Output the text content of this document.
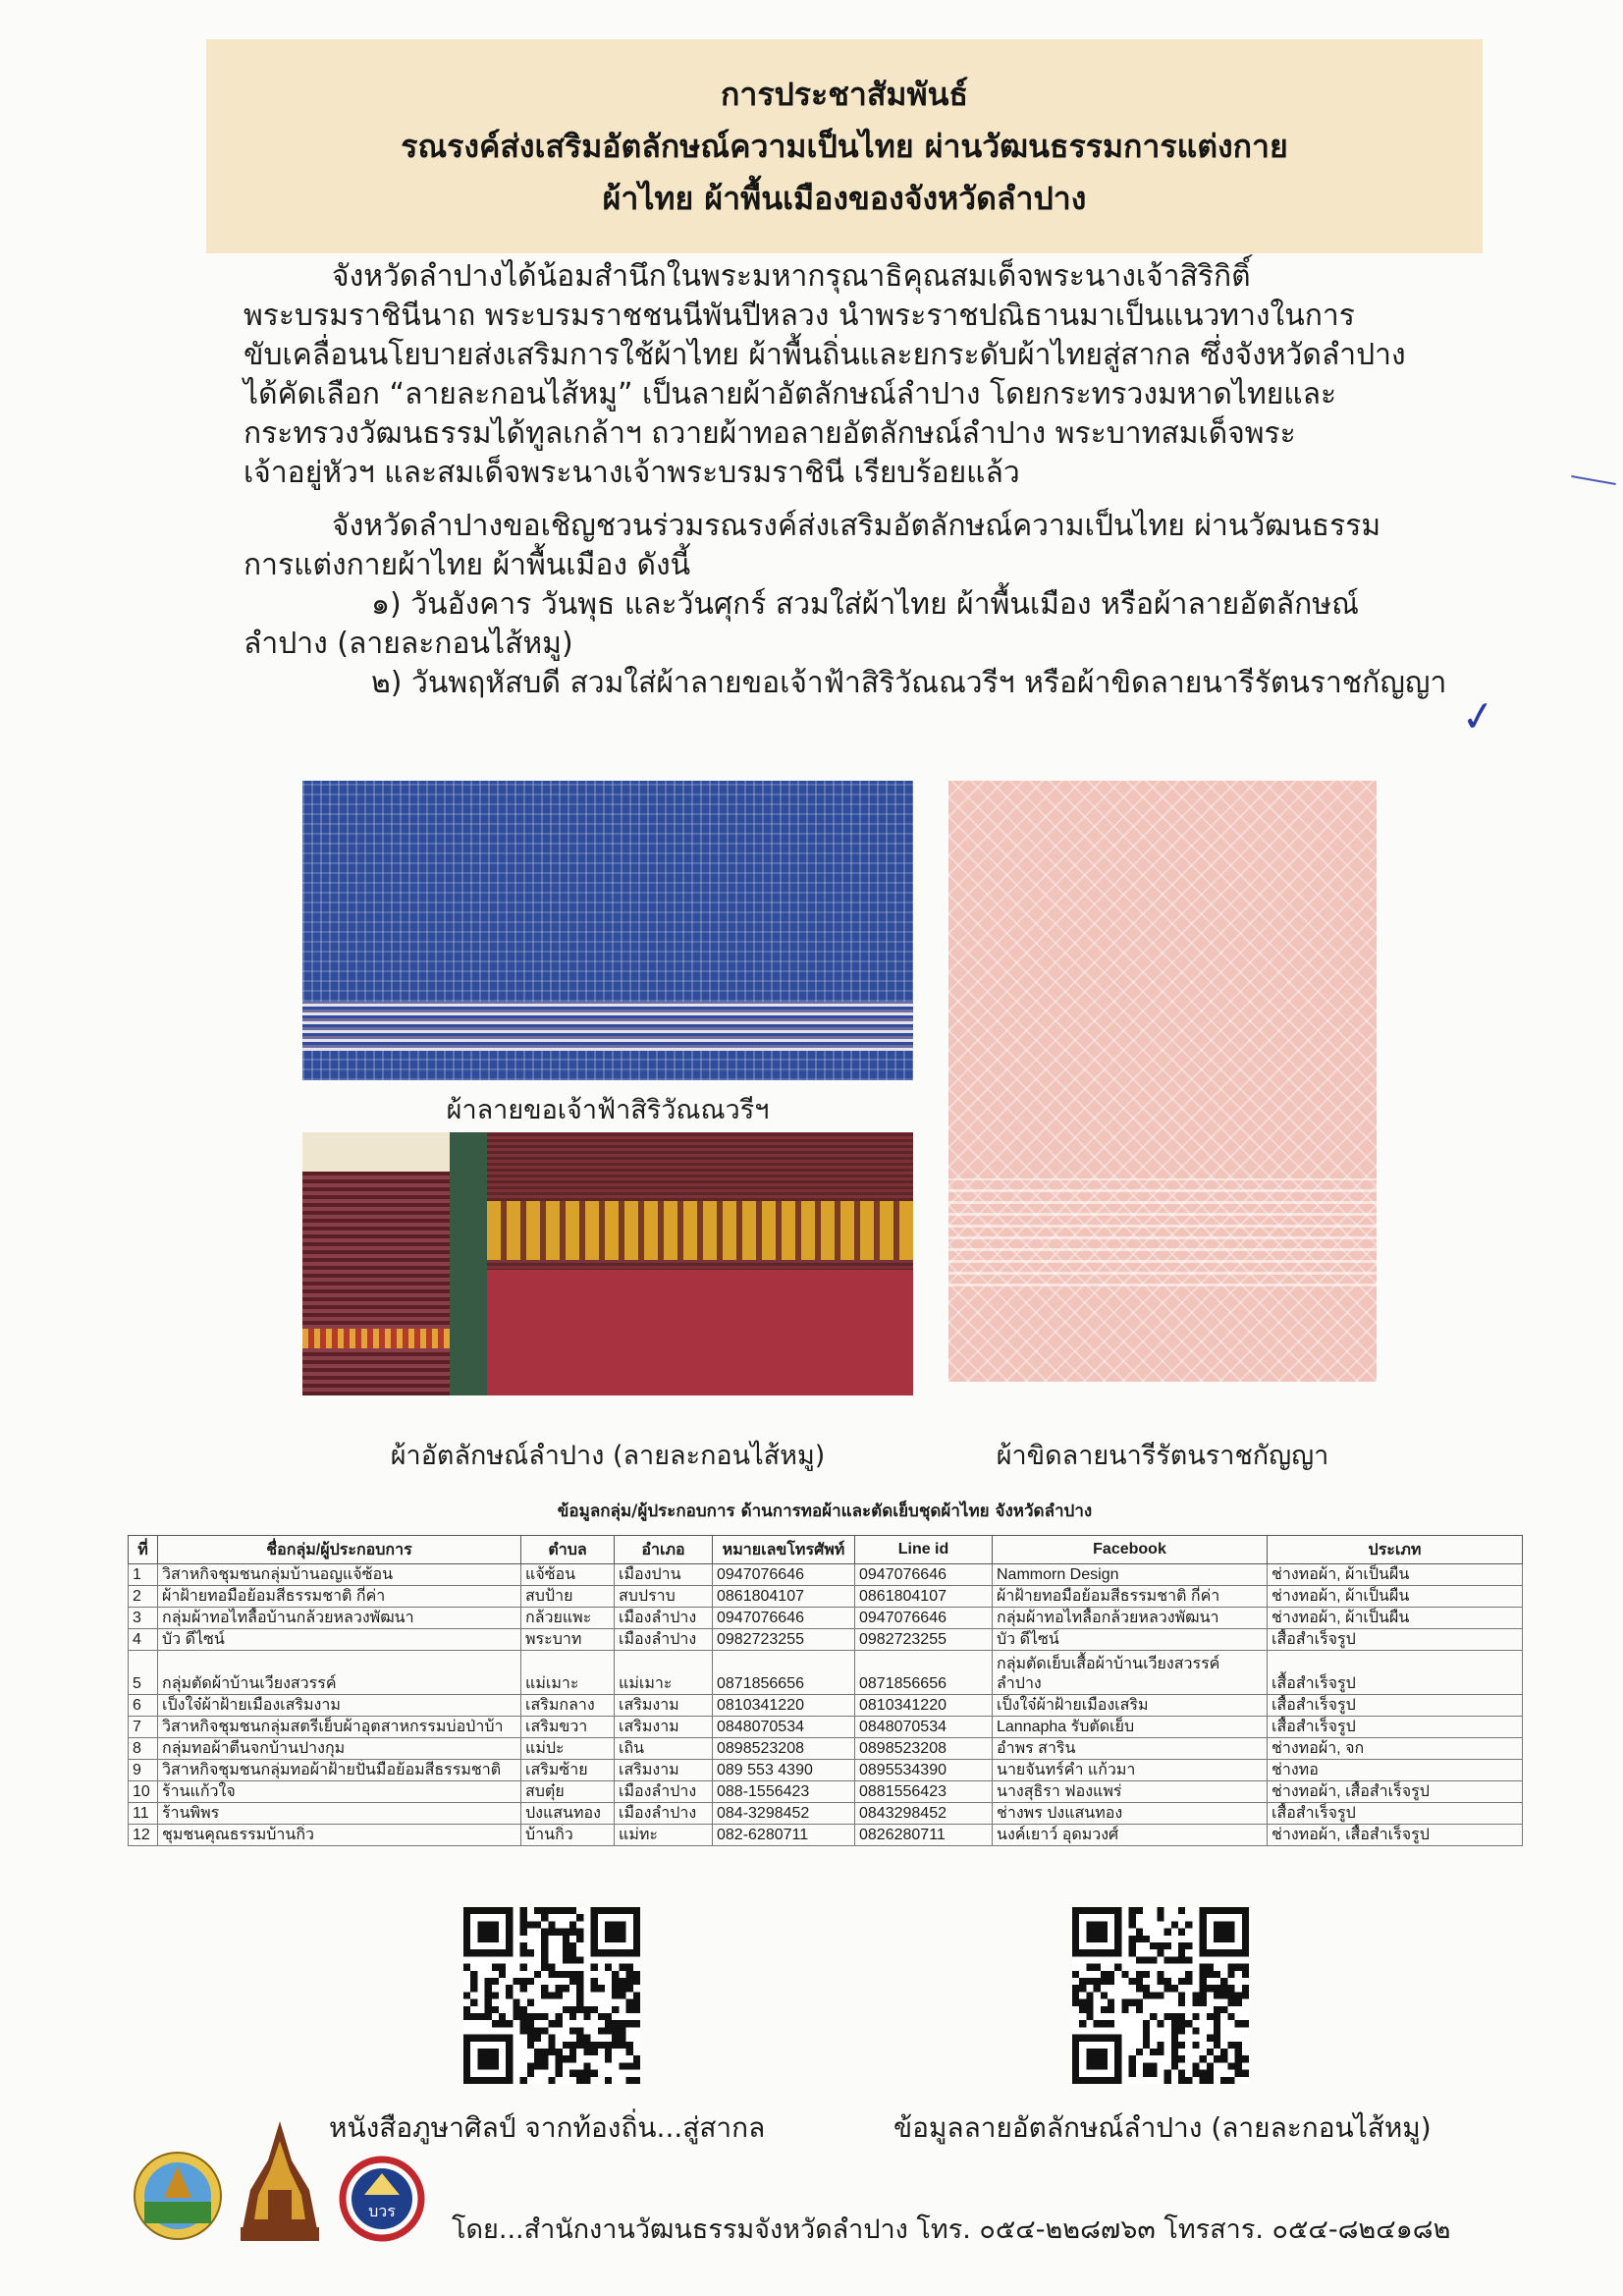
การประชาสัมพันธ์
รณรงค์ส่งเสริมอัตลักษณ์ความเป็นไทย ผ่านวัฒนธรรมการแต่งกาย
ผ้าไทย ผ้าพื้นเมืองของจังหวัดลำปาง
จังหวัดลำปางได้น้อมสำนึกในพระมหากรุณาธิคุณสมเด็จพระนางเจ้าสิริกิติ์
พระบรมราชินีนาถ พระบรมราชชนนีพันปีหลวง นำพระราชปณิธานมาเป็นแนวทางในการ
ขับเคลื่อนนโยบายส่งเสริมการใช้ผ้าไทย ผ้าพื้นถิ่นและยกระดับผ้าไทยสู่สากล ซึ่งจังหวัดลำปาง
ได้คัดเลือก “ลายละกอนไส้หมู” เป็นลายผ้าอัตลักษณ์ลำปาง โดยกระทรวงมหาดไทยและ
กระทรวงวัฒนธรรมได้ทูลเกล้าฯ ถวายผ้าทอลายอัตลักษณ์ลำปาง พระบาทสมเด็จพระ
เจ้าอยู่หัวฯ และสมเด็จพระนางเจ้าพระบรมราชินี เรียบร้อยแล้ว
จังหวัดลำปางขอเชิญชวนร่วมรณรงค์ส่งเสริมอัตลักษณ์ความเป็นไทย ผ่านวัฒนธรรม
การแต่งกายผ้าไทย ผ้าพื้นเมือง ดังนี้
๑) วันอังคาร วันพุธ และวันศุกร์ สวมใส่ผ้าไทย ผ้าพื้นเมือง หรือผ้าลายอัตลักษณ์
ลำปาง (ลายละกอนไส้หมู)
๒) วันพฤหัสบดี สวมใส่ผ้าลายขอเจ้าฟ้าสิริวัณณวรีฯ หรือผ้าขิดลายนารีรัตนราชกัญญา
✓
ผ้าลายขอเจ้าฟ้าสิริวัณณวรีฯ
ผ้าอัตลักษณ์ลำปาง (ลายละกอนไส้หมู)	ผ้าขิดลายนารีรัตนราชกัญญา
ข้อมูลกลุ่ม/ผู้ประกอบการ ด้านการทอผ้าและตัดเย็บชุดผ้าไทย จังหวัดลำปาง
ที่	ชื่อกลุ่ม/ผู้ประกอบการ	ตำบล	อำเภอ	หมายเลขโทรศัพท์	Line id	Facebook	ประเภท
1	วิสาหกิจชุมชนกลุ่มบ้านอญแจ้ซ้อน	แจ้ซ้อน	เมืองปาน	0947076646	0947076646	Nammorn Design	ช่างทอผ้า, ผ้าเป็นผืน
2	ผ้าฝ้ายทอมือย้อมสีธรรมชาติ กี่ค่า	สบป้าย	สบปราบ	0861804107	0861804107	ผ้าฝ้ายทอมือย้อมสีธรรมชาติ กี่ค่า	ช่างทอผ้า, ผ้าเป็นผืน
3	กลุ่มผ้าทอไทลื้อบ้านกล้วยหลวงพัฒนา	กล้วยแพะ	เมืองลำปาง	0947076646	0947076646	กลุ่มผ้าทอไทลื้อกล้วยหลวงพัฒนา	ช่างทอผ้า, ผ้าเป็นผืน
4	บัว ดีไซน์	พระบาท	เมืองลำปาง	0982723255	0982723255	บัว ดีไซน์	เสื้อสำเร็จรูป
5	กลุ่มตัดผ้าบ้านเวียงสวรรค์	แม่เมาะ	แม่เมาะ	0871856656	0871856656	กลุ่มตัดเย็บเสื้อผ้าบ้านเวียงสวรรค์ ลำปาง	เสื้อสำเร็จรูป
6	เป็งใจ๋ผ้าฝ้ายเมืองเสริมงาม	เสริมกลาง	เสริมงาม	0810341220	0810341220	เป็งใจ๋ผ้าฝ้ายเมืองเสริม	เสื้อสำเร็จรูป
7	วิสาหกิจชุมชนกลุ่มสตรีเย็บผ้าอุตสาหกรรมบ่อป่าบ้า	เสริมขวา	เสริมงาม	0848070534	0848070534	Lannapha รับตัดเย็บ	เสื้อสำเร็จรูป
8	กลุ่มทอผ้าตีนจกบ้านปางกุม	แม่ปะ	เถิน	0898523208	0898523208	อำพร สาริน	ช่างทอผ้า, จก
9	วิสาหกิจชุมชนกลุ่มทอผ้าฝ้ายปั่นมือย้อมสีธรรมชาติ	เสริมซ้าย	เสริมงาม	089 553 4390	0895534390	นายจันทร์คำ แก้วมา	ช่างทอ
10	ร้านแก้วใจ	สบตุ๋ย	เมืองลำปาง	088-1556423	0881556423	นางสุธิรา ฟองแพร่	ช่างทอผ้า, เสื้อสำเร็จรูป
11	ร้านพิพร	ปงแสนทอง	เมืองลำปาง	084-3298452	0843298452	ช่างพร ปงแสนทอง	เสื้อสำเร็จรูป
12	ชุมชนคุณธรรมบ้านกิ่ว	บ้านกิ่ว	แม่ทะ	082-6280711	0826280711	นงค์เยาว์ อุดมวงศ์	ช่างทอผ้า, เสื้อสำเร็จรูป
หนังสือภูษาศิลป์ จากท้องถิ่น...สู่สากล	ข้อมูลลายอัตลักษณ์ลำปาง (ลายละกอนไส้หมู)
บวร
โดย...สำนักงานวัฒนธรรมจังหวัดลำปาง โทร. ๐๕๔-๒๒๘๗๖๓ โทรสาร. ๐๕๔-๘๒๔๑๘๒
